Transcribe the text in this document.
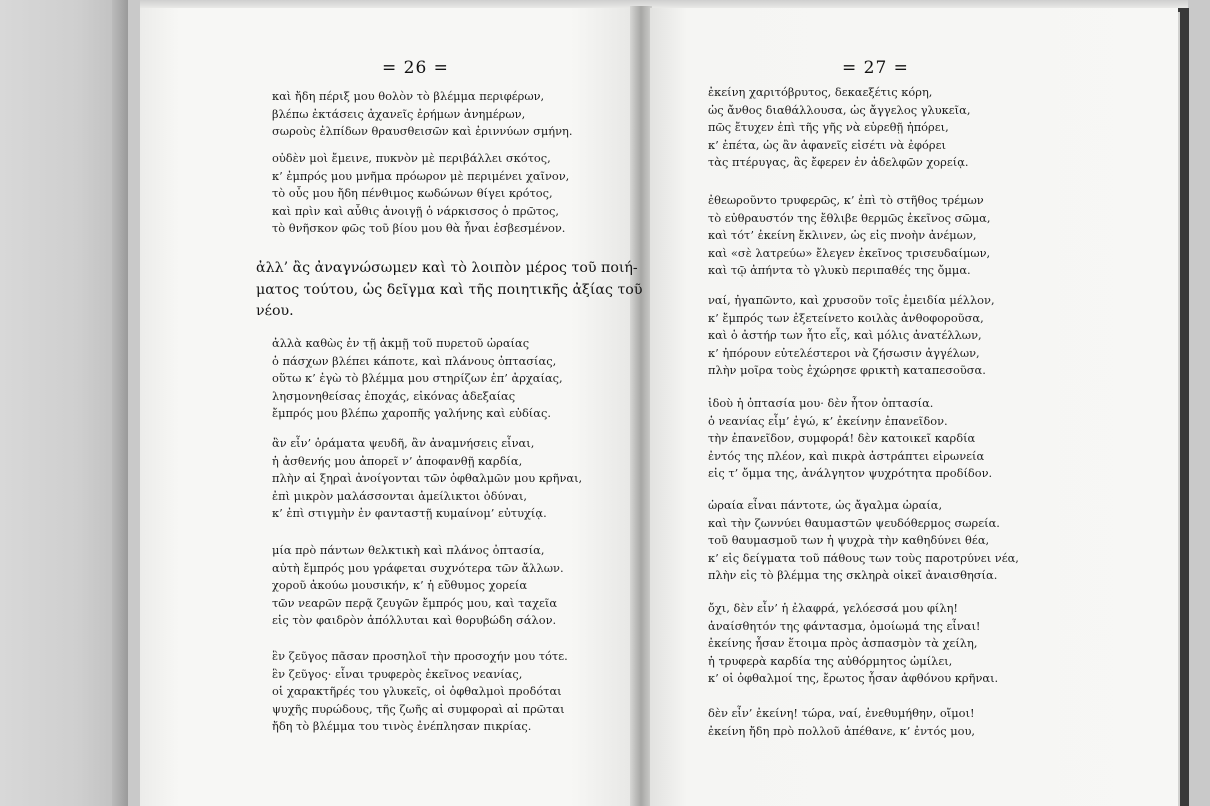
= 26 =
καὶ ἤδη πέριξ μου θολὸν τὸ βλέμμα περιφέρων,
βλέπω ἐκτάσεις ἀχανεῖς ἐρήμων ἀνημέρων,
σωροὺς ἐλπίδων θραυσθεισῶν καὶ ἐριννύων σμήνη.
οὐδὲν μοὶ ἔμεινε, πυκνὸν μὲ περιβάλλει σκότος,
κ’ ἐμπρός μου μνῆμα πρόωρον μὲ περιμένει χαῖνον,
τὸ οὖς μου ἤδη πένθιμος κωδώνων θίγει κρότος,
καὶ πρὶν καὶ αὖθις ἀνοιγῇ ὁ νάρκισσος ὁ πρῶτος,
τὸ θνῆσκον φῶς τοῦ βίου μου θὰ ἦναι ἐσβεσμένον.
ἀλλ’ ἂς ἀναγνώσωμεν καὶ τὸ λοιπὸν μέρος τοῦ ποιή-
ματος τούτου, ὡς δεῖγμα καὶ τῆς ποιητικῆς ἀξίας τοῦ
νέου.
ἀλλὰ καθὼς ἐν τῇ ἀκμῇ τοῦ πυρετοῦ ὡραίας
ὁ πάσχων βλέπει κάποτε, καὶ πλάνους ὀπτασίας,
οὕτω κ’ ἐγὼ τὸ βλέμμα μου στηρίζων ἐπ’ ἀρχαίας,
λησμονηθείσας ἐποχάς, εἰκόνας ἀδεξαίας
ἔμπρός μου βλέπω χαροπῆς γαλήνης καὶ εὐδίας.
ἂν εἶν’ ὁράματα ψευδῆ, ἂν ἀναμνήσεις εἶναι,
ἡ ἀσθενής μου ἀπορεῖ ν’ ἀποφανθῇ καρδία,
πλὴν αἱ ξηραὶ ἀνοίγονται τῶν ὀφθαλμῶν μου κρῆναι,
ἐπὶ μικρὸν μαλάσσονται ἀμείλικτοι ὀδύναι,
κ’ ἐπὶ στιγμὴν ἐν φανταστῇ κυμαίνομ’ εὐτυχίᾳ.
μία πρὸ πάντων θελκτικὴ καὶ πλάνος ὀπτασία,
αὐτὴ ἔμπρός μου γράφεται συχνότερα τῶν ἄλλων.
χοροῦ ἀκούω μουσικήν, κ’ ἡ εὔθυμος χορεία
τῶν νεαρῶν περᾷ ζευγῶν ἔμπρός μου, καὶ ταχεῖα
εἰς τὸν φαιδρὸν ἀπόλλυται καὶ θορυβώδη σάλον.
ἓν ζεῦγος πᾶσαν προσηλοῖ τὴν προσοχήν μου τότε.
ἓν ζεῦγος· εἶναι τρυφερὸς ἐκεῖνος νεανίας,
οἱ χαρακτῆρές του γλυκεῖς, οἱ ὀφθαλμοὶ προδόται
ψυχῆς πυρώδους, τῆς ζωῆς αἱ συμφοραὶ αἱ πρῶται
ἤδη τὸ βλέμμα του τινὸς ἐνέπλησαν πικρίας.
= 27 =
ἐκείνη χαριτόβρυτος, δεκαεξέτις κόρη,
ὡς ἄνθος διαθάλλουσα, ὡς ἄγγελος γλυκεῖα,
πῶς ἔτυχεν ἐπὶ τῆς γῆς νὰ εὑρεθῇ ἠπόρει,
κ’ ἐπέτα, ὡς ἂν ἀφανεῖς εἰσέτι νὰ ἐφόρει
τὰς πτέρυγας, ἃς ἔφερεν ἐν ἀδελφῶν χορείᾳ.
ἐθεωροῦντο τρυφερῶς, κ’ ἐπὶ τὸ στῆθος τρέμων
τὸ εὐθραυστόν της ἔθλιβε θερμῶς ἐκεῖνος σῶμα,
καὶ τότ’ ἐκείνη ἔκλινεν, ὡς εἰς πνοὴν ἀνέμων,
καὶ «σὲ λατρεύω» ἔλεγεν ἐκεῖνος τρισευδαίμων,
καὶ τῷ ἀπήντα τὸ γλυκὺ περιπαθές της ὄμμα.
ναί, ἠγαπῶντο, καὶ χρυσοῦν τοῖς ἐμειδία μέλλον,
κ’ ἔμπρός των ἐξετείνετο κοιλὰς ἀνθοφοροῦσα,
καὶ ὁ ἀστήρ των ἦτο εἷς, καὶ μόλις ἀνατέλλων,
κ’ ἠπόρουν εὐτελέστεροι νὰ ζήσωσιν ἀγγέλων,
πλὴν μοῖρα τοὺς ἐχώρησε φρικτὴ καταπεσοῦσα.
ἰδοὺ ἡ ὀπτασία μου· δὲν ἦτον ὀπτασία.
ὁ νεανίας εἶμ’ ἐγώ, κ’ ἐκείνην ἐπανεῖδον.
τὴν ἐπανεῖδον, συμφορά! δὲν κατοικεῖ καρδία
ἐντός της πλέον, καὶ πικρὰ ἀστράπτει εἰρωνεία
εἰς τ’ ὄμμα της, ἀνάλγητον ψυχρότητα προδίδον.
ὡραία εἶναι πάντοτε, ὡς ἄγαλμα ὡραία,
καὶ τὴν ζωννύει θαυμαστῶν ψευδόθερμος σωρεία.
τοῦ θαυμασμοῦ των ἡ ψυχρὰ τὴν καθηδύνει θέα,
κ’ εἰς δείγματα τοῦ πάθους των τοὺς παροτρύνει νέα,
πλὴν εἰς τὸ βλέμμα της σκληρὰ οἰκεῖ ἀναισθησία.
ὄχι, δὲν εἶν’ ἡ ἐλαφρά, γελόεσσά μου φίλη!
ἀναίσθητόν της φάντασμα, ὁμοίωμά της εἶναι!
ἐκείνης ἦσαν ἕτοιμα πρὸς ἀσπασμὸν τὰ χείλη,
ἡ τρυφερὰ καρδία της αὐθόρμητος ὡμίλει,
κ’ οἱ ὀφθαλμοί της, ἔρωτος ἦσαν ἀφθόνου κρῆναι.
δὲν εἶν’ ἐκείνη! τώρα, ναί, ἐνεθυμήθην, οἴμοι!
ἐκείνη ἤδη πρὸ πολλοῦ ἀπέθανε, κ’ ἐντός μου,
